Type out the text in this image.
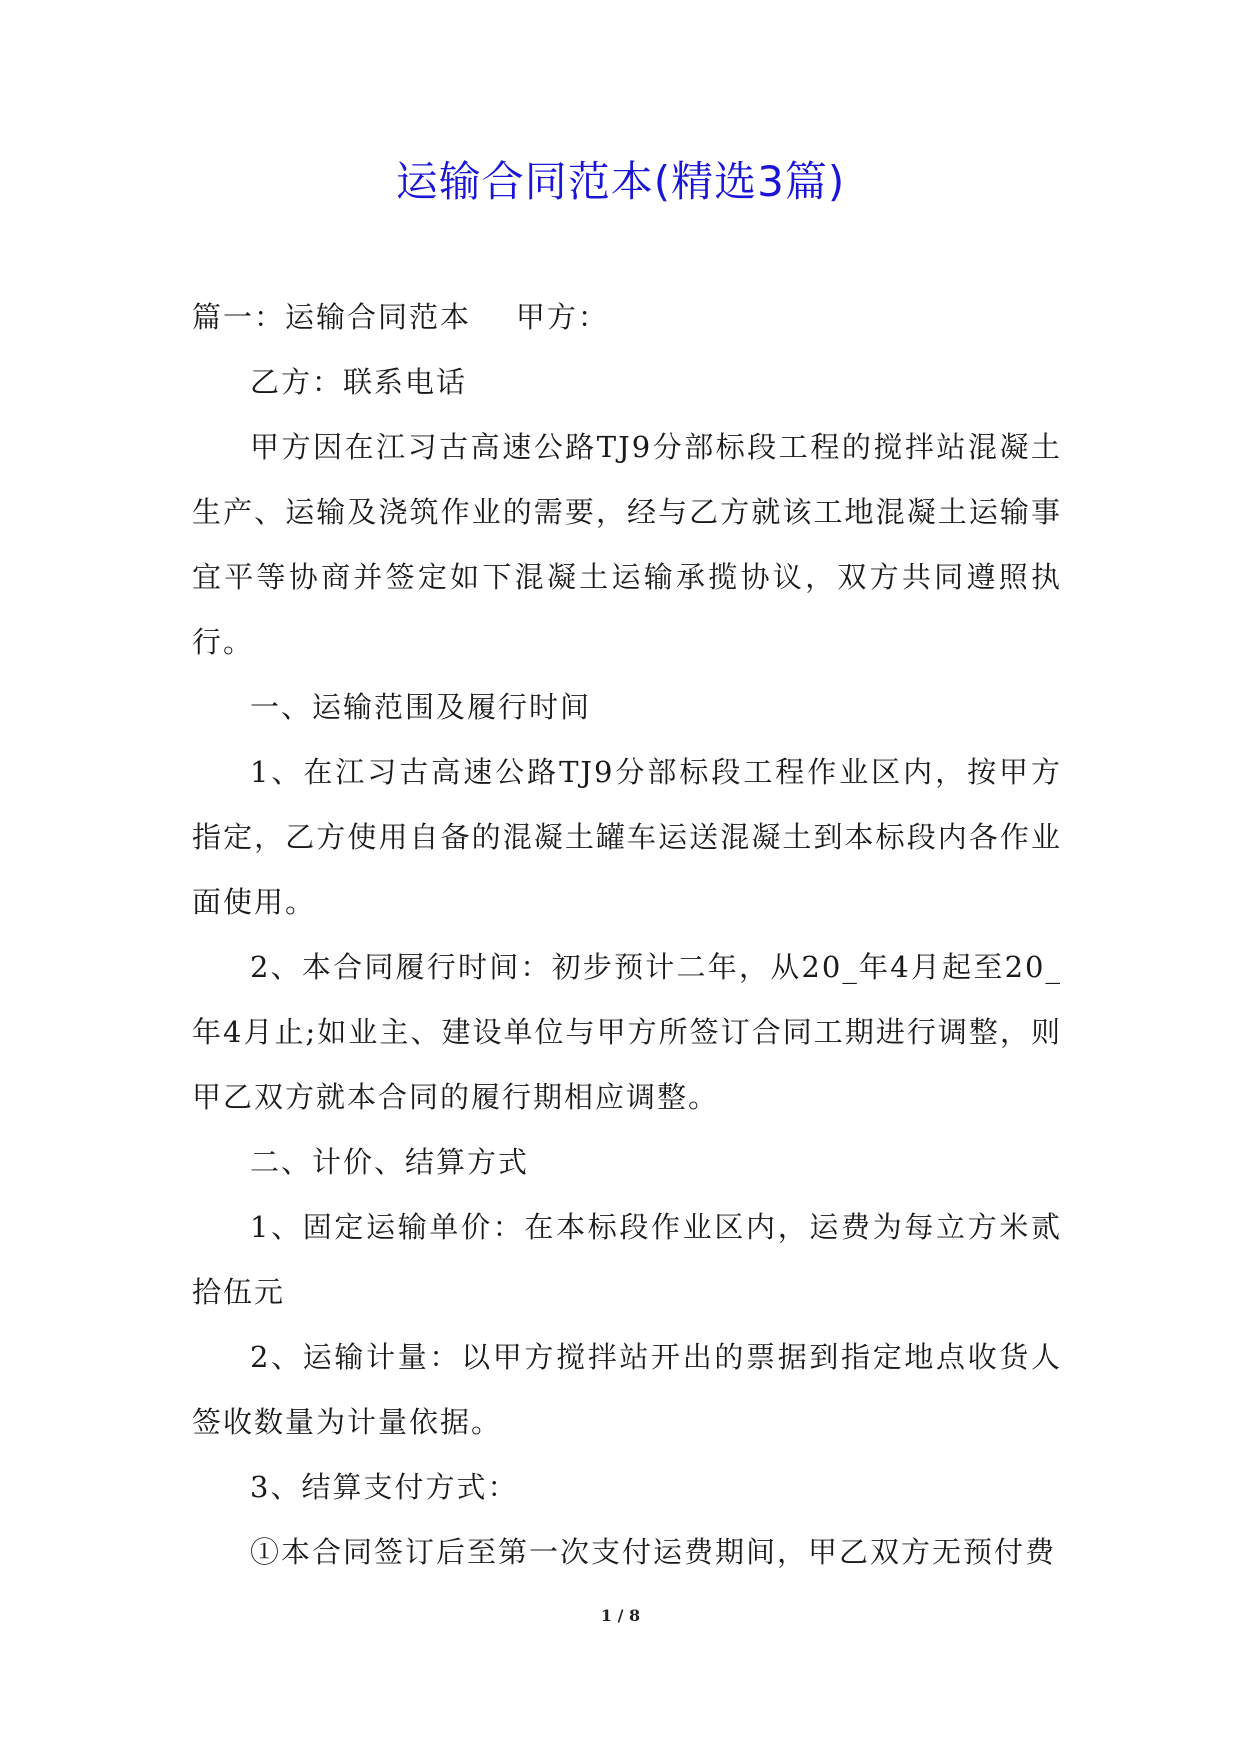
运输合同范本(精选3篇)

篇一：运输合同范本    甲方：

乙方：联系电话

甲方因在江习古高速公路TJ9分部标段工程的搅拌站混凝土生产、运输及浇筑作业的需要，经与乙方就该工地混凝土运输事宜平等协商并签定如下混凝土运输承揽协议，双方共同遵照执行。

一、运输范围及履行时间

1、在江习古高速公路TJ9分部标段工程作业区内，按甲方指定，乙方使用自备的混凝土罐车运送混凝土到本标段内各作业面使用。

2、本合同履行时间：初步预计二年，从20_年4月起至20_年4月止;如业主、建设单位与甲方所签订合同工期进行调整，则甲乙双方就本合同的履行期相应调整。

二、计价、结算方式

1、固定运输单价：在本标段作业区内，运费为每立方米贰拾伍元

2、运输计量：以甲方搅拌站开出的票据到指定地点收货人签收数量为计量依据。

3、结算支付方式：

①本合同签订后至第一次支付运费期间，甲乙双方无预付费

1 / 8
